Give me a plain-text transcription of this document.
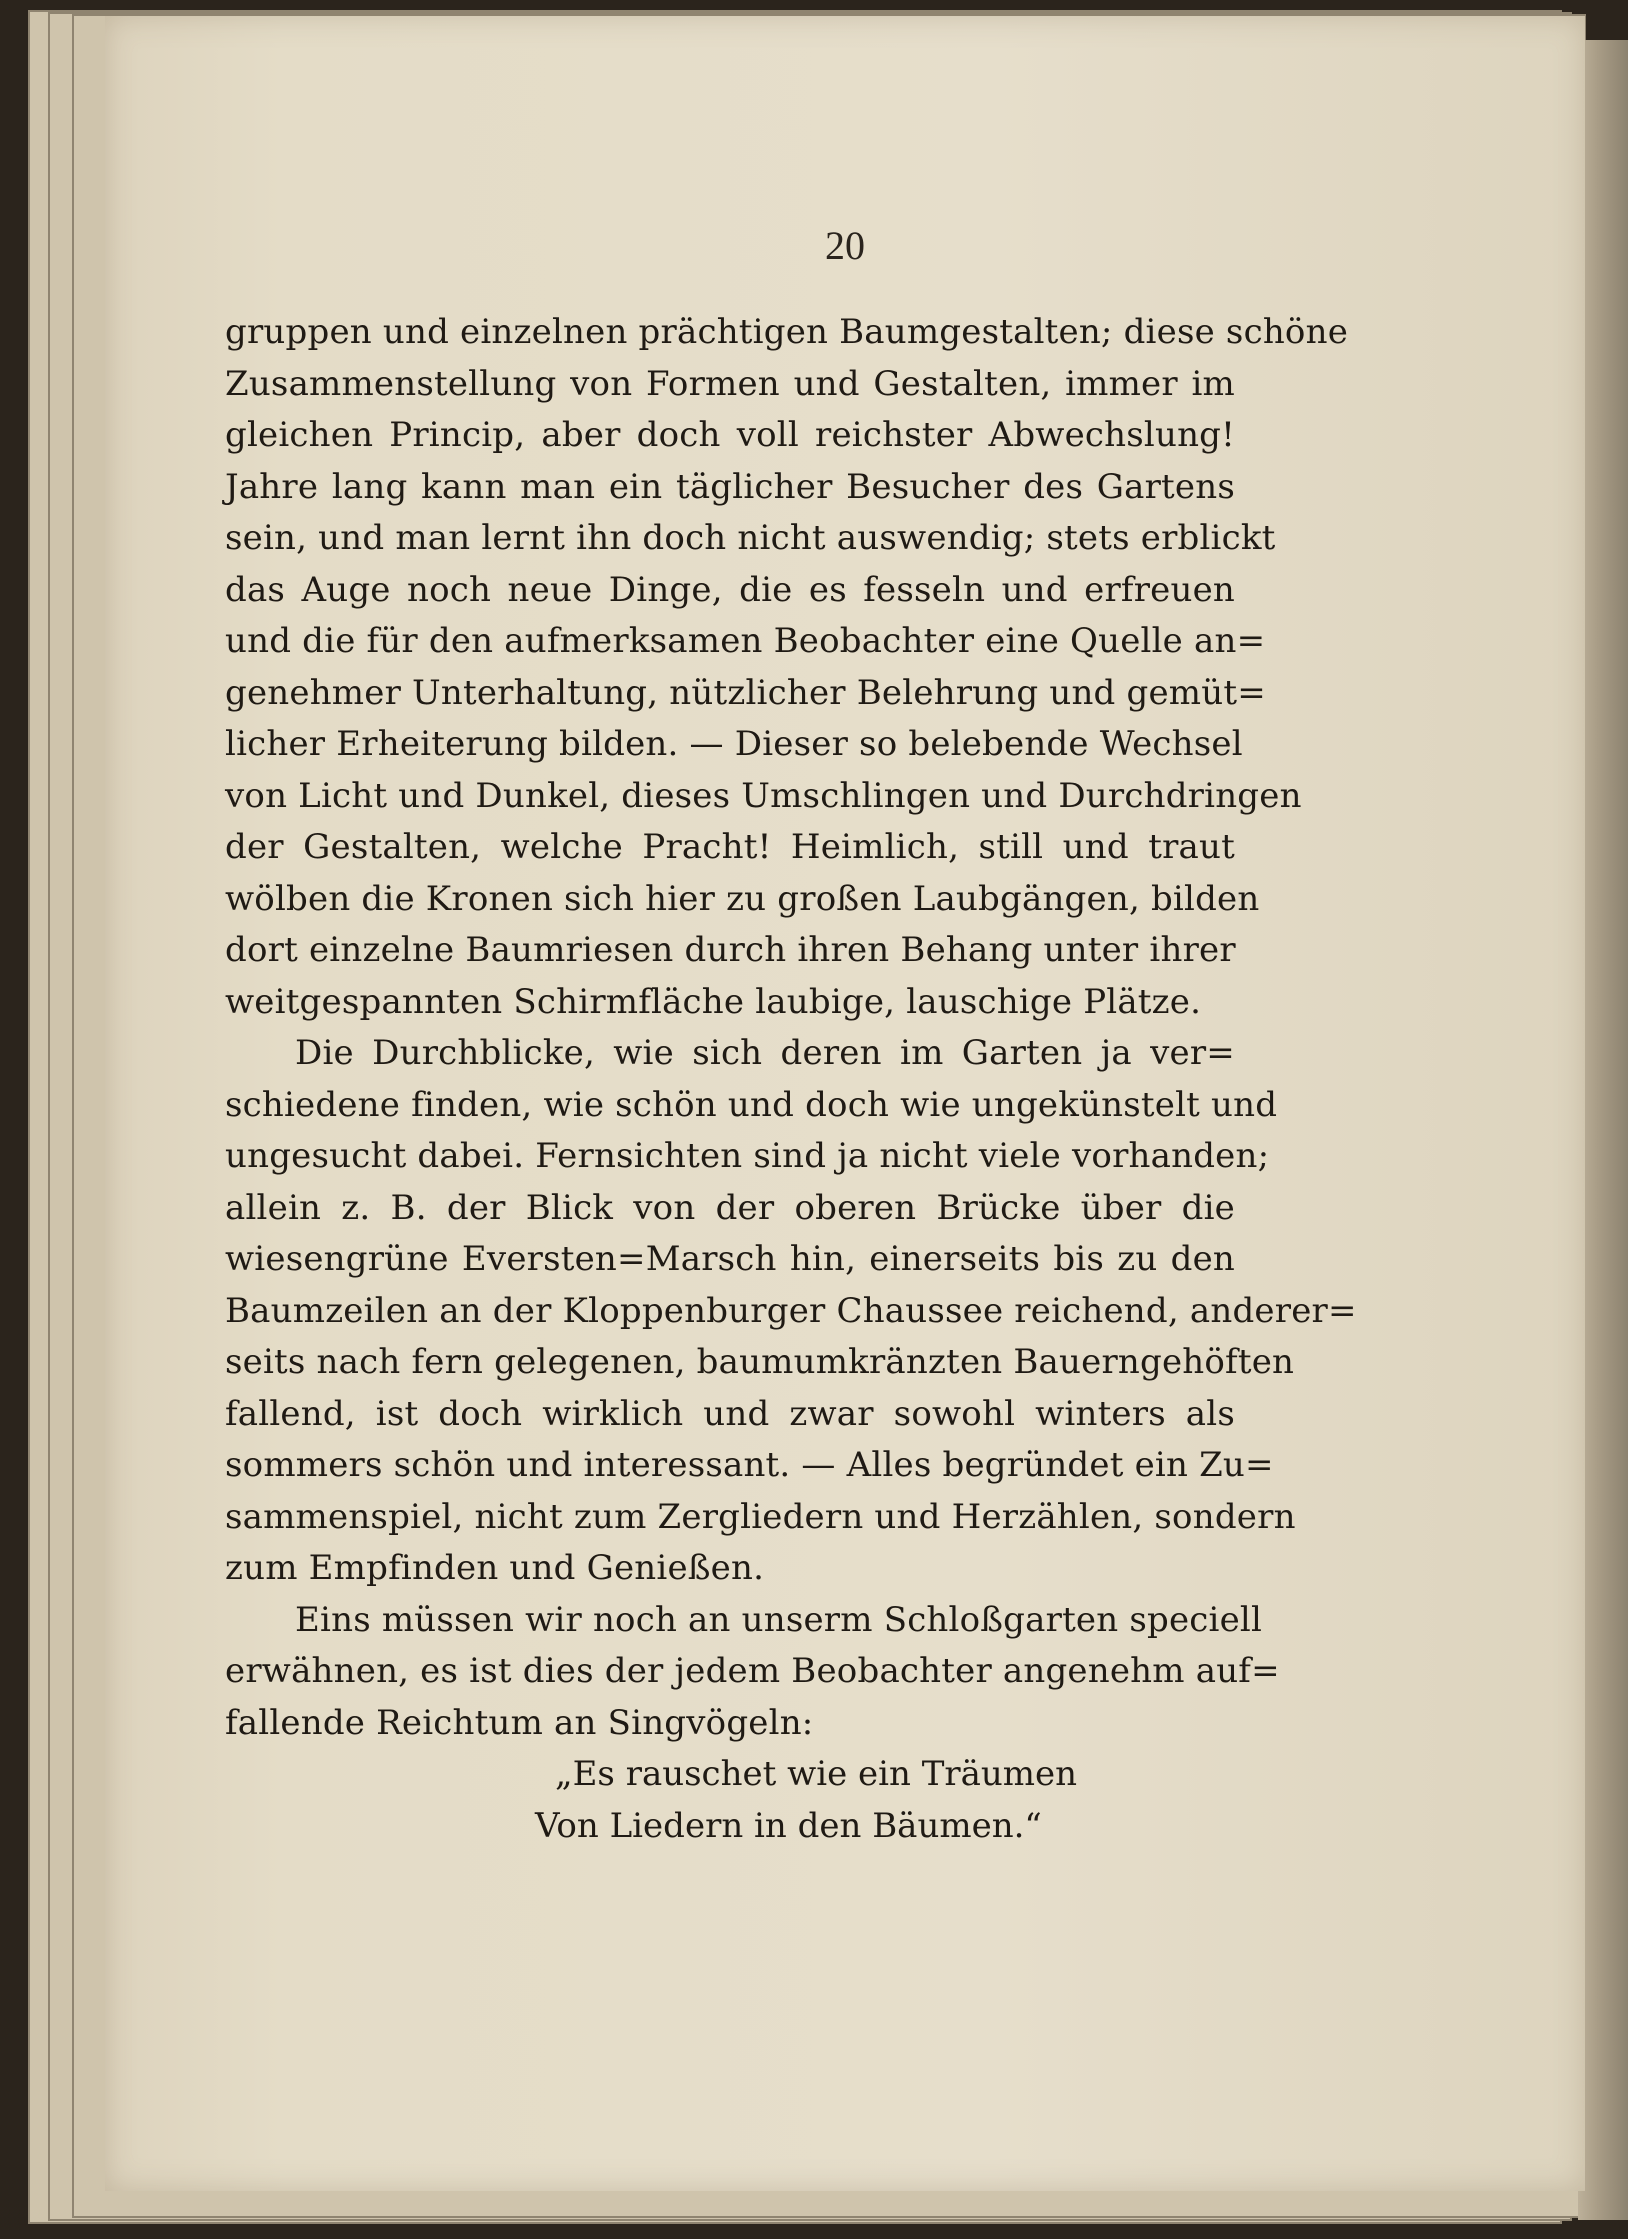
20
gruppen und einzelnen prächtigen Baumgestalten; diese schöne
Zusammenstellung von Formen und Gestalten, immer im
gleichen Princip, aber doch voll reichster Abwechslung!
Jahre lang kann man ein täglicher Besucher des Gartens
sein, und man lernt ihn doch nicht auswendig; stets erblickt
das Auge noch neue Dinge, die es fesseln und erfreuen
und die für den aufmerksamen Beobachter eine Quelle an=
genehmer Unterhaltung, nützlicher Belehrung und gemüt=
licher Erheiterung bilden. — Dieser so belebende Wechsel
von Licht und Dunkel, dieses Umschlingen und Durchdringen
der Gestalten, welche Pracht! Heimlich, still und traut
wölben die Kronen sich hier zu großen Laubgängen, bilden
dort einzelne Baumriesen durch ihren Behang unter ihrer
weitgespannten Schirmfläche laubige, lauschige Plätze.
Die Durchblicke, wie sich deren im Garten ja ver=
schiedene finden, wie schön und doch wie ungekünstelt und
ungesucht dabei. Fernsichten sind ja nicht viele vorhanden;
allein z. B. der Blick von der oberen Brücke über die
wiesengrüne Eversten=Marsch hin, einerseits bis zu den
Baumzeilen an der Kloppenburger Chaussee reichend, anderer=
seits nach fern gelegenen, baumumkränzten Bauerngehöften
fallend, ist doch wirklich und zwar sowohl winters als
sommers schön und interessant. — Alles begründet ein Zu=
sammenspiel, nicht zum Zergliedern und Herzählen, sondern
zum Empfinden und Genießen.
Eins müssen wir noch an unserm Schloßgarten speciell
erwähnen, es ist dies der jedem Beobachter angenehm auf=
fallende Reichtum an Singvögeln:
„Es rauschet wie ein Träumen
Von Liedern in den Bäumen.“
